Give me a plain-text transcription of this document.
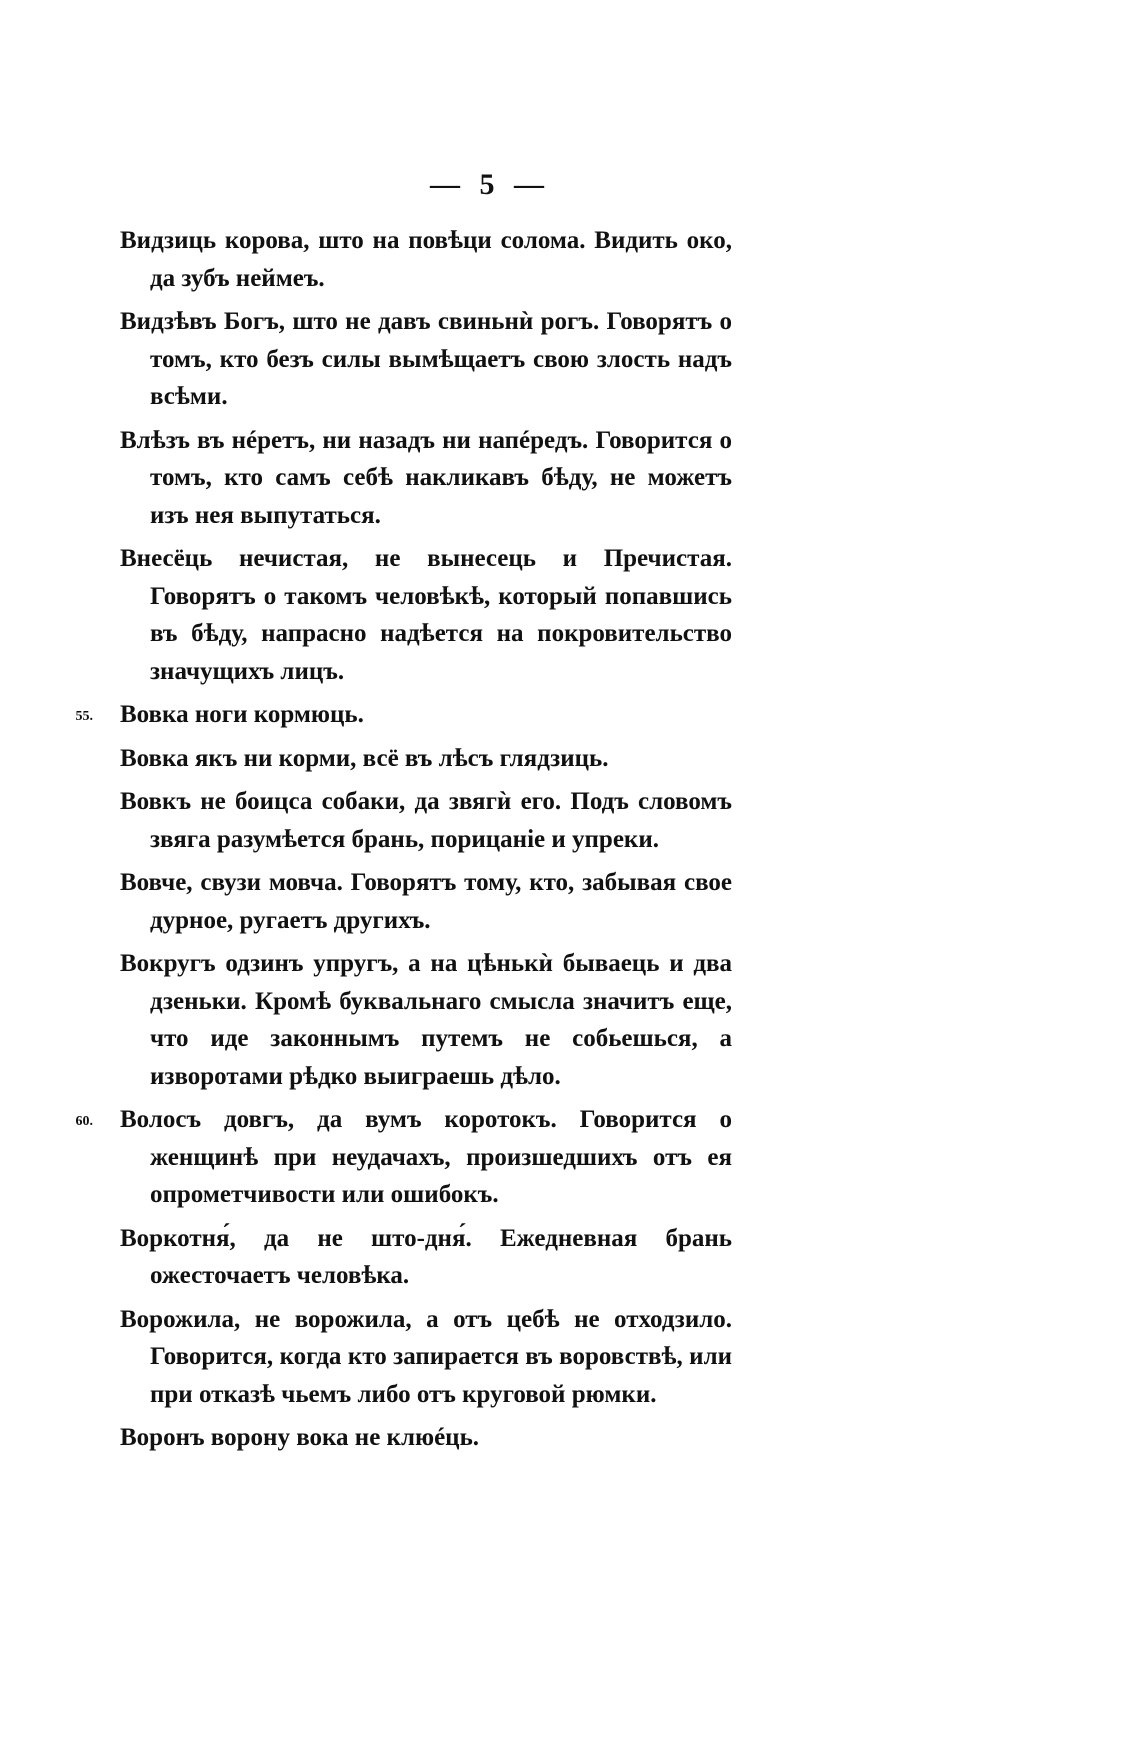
— 5 —

Видзиць корова, што на повѣци солома. Видить око, да зубъ неймеъ.

Видзѣвъ Богъ, што не давъ свиньнѝ рогъ. Говорятъ о томъ, кто безъ силы вымѣщаетъ свою злость надъ всѣми.

Влѣзъ въ нéретъ, ни назадъ ни напéредъ. Говорится о томъ, кто самъ себѣ накликавъ бѣду, не можетъ изъ нея выпутаться.

Внесёць нечистая, не вынесець и Пречистая. Говорятъ о такомъ человѣкѣ, который попавшись въ бѣду, напрасно надѣется на покровительство значущихъ лицъ.

55. Вовка ноги кормюць.

Вовка якъ ни корми, всё въ лѣсъ глядзиць.

Вовкъ не боицса собаки, да звягѝ его. Подъ словомъ звяга разумѣется брань, порицаніе и упреки.

Вовче, свузи мовча. Говорятъ тому, кто, забывая свое дурное, ругаетъ другихъ.

Вокругъ одзинъ упругъ, а на цѣнькѝ бываець и два дзеньки. Кромѣ буквальнаго смысла значитъ еще, что иде законнымъ путемъ не собьешься, а изворотами рѣдко выиграешь дѣло.

60. Волосъ довгъ, да вумъ коротокъ. Говорится о женщинѣ при неудачахъ, произшедшихъ отъ ея опрометчивости или ошибокъ.

Воркотня́, да не што-дня́. Ежедневная брань ожесточаетъ человѣка.

Ворожила, не ворожила, а отъ цебѣ не отходзило. Говорится, когда кто запирается въ воровствѣ, или при отказѣ чьемъ либо отъ круговой рюмки.

Воронъ ворону вока не клюéць.
